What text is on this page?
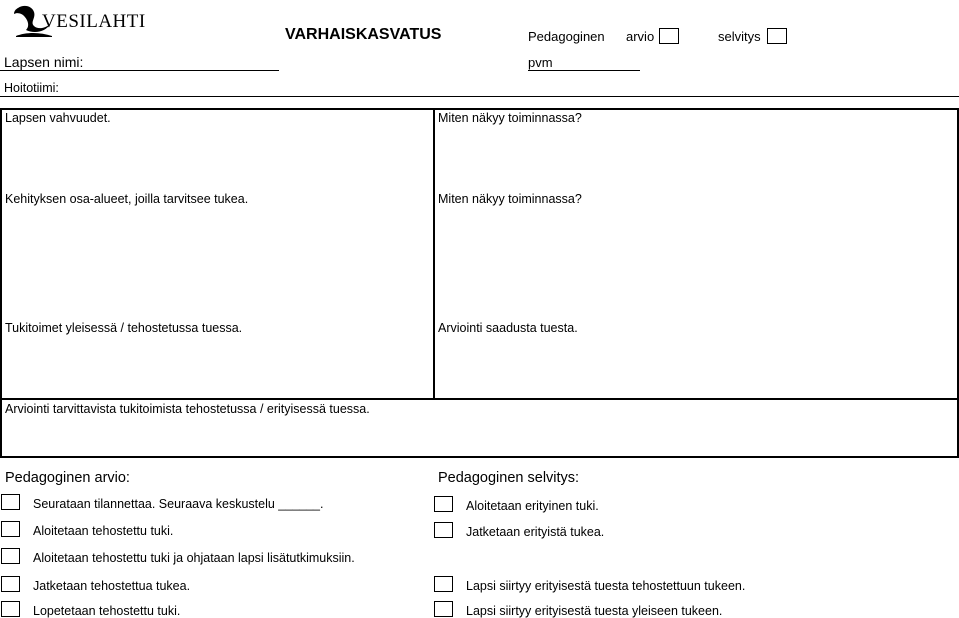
VESILAHTI
VARHAISKASVATUS	Pedagoginen arvio	selvitys
Lapsen nimi:	pvm
Hoitotiimi:
Lapsen vahvuudet.	Miten näkyy toiminnassa?
Kehityksen osa-alueet, joilla tarvitsee tukea.	Miten näkyy toiminnassa?
Tukitoimet yleisessä / tehostetussa tuessa.	Arviointi saadusta tuesta.
Arviointi tarvittavista tukitoimista tehostetussa / erityisessä tuessa.
Pedagoginen arvio:
Seurataan tilannettaa. Seuraava keskustelu ______.
Aloitetaan tehostettu tuki.
Aloitetaan tehostettu tuki ja ohjataan lapsi lisätutkimuksiin.
Jatketaan tehostettua tukea.
Lopetetaan tehostettu tuki.
Pedagoginen selvitys:
Aloitetaan erityinen tuki.
Jatketaan erityistä tukea.
Lapsi siirtyy erityisestä tuesta tehostettuun tukeen.
Lapsi siirtyy erityisestä tuesta yleiseen tukeen.
